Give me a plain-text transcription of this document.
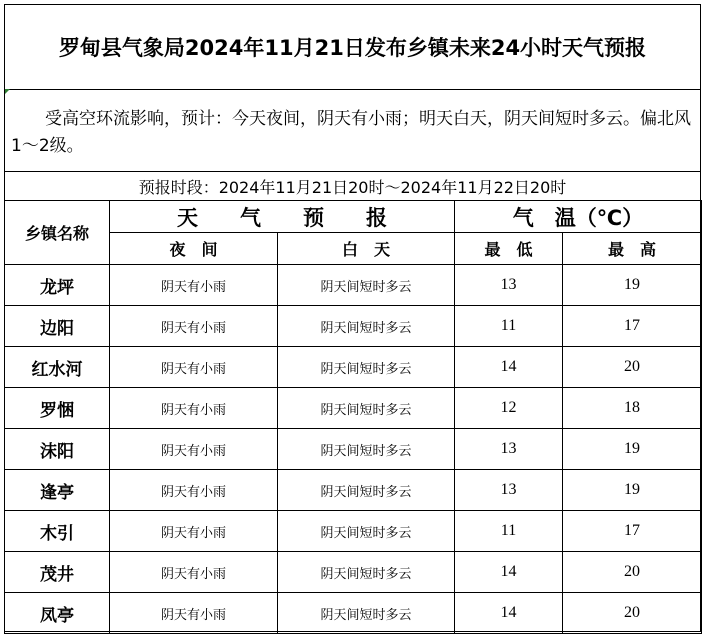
罗甸县气象局2024年11月21日发布乡镇未来24小时天气预报
受高空环流影响，预计：今天夜间，阴天有小雨；明天白天，阴天间短时多云。偏北风1～2级。
预报时段：2024年11月21日20时～2024年11月22日20时
乡镇名称	天　　气　　预　　报		气　温（℃）	
	夜　间	白　天	最　低	最　高
龙坪	阴天有小雨	阴天间短时多云	13	19
边阳	阴天有小雨	阴天间短时多云	11	17
红水河	阴天有小雨	阴天间短时多云	14	20
罗悃	阴天有小雨	阴天间短时多云	12	18
沫阳	阴天有小雨	阴天间短时多云	13	19
逢亭	阴天有小雨	阴天间短时多云	13	19
木引	阴天有小雨	阴天间短时多云	11	17
茂井	阴天有小雨	阴天间短时多云	14	20
凤亭	阴天有小雨	阴天间短时多云	14	20
